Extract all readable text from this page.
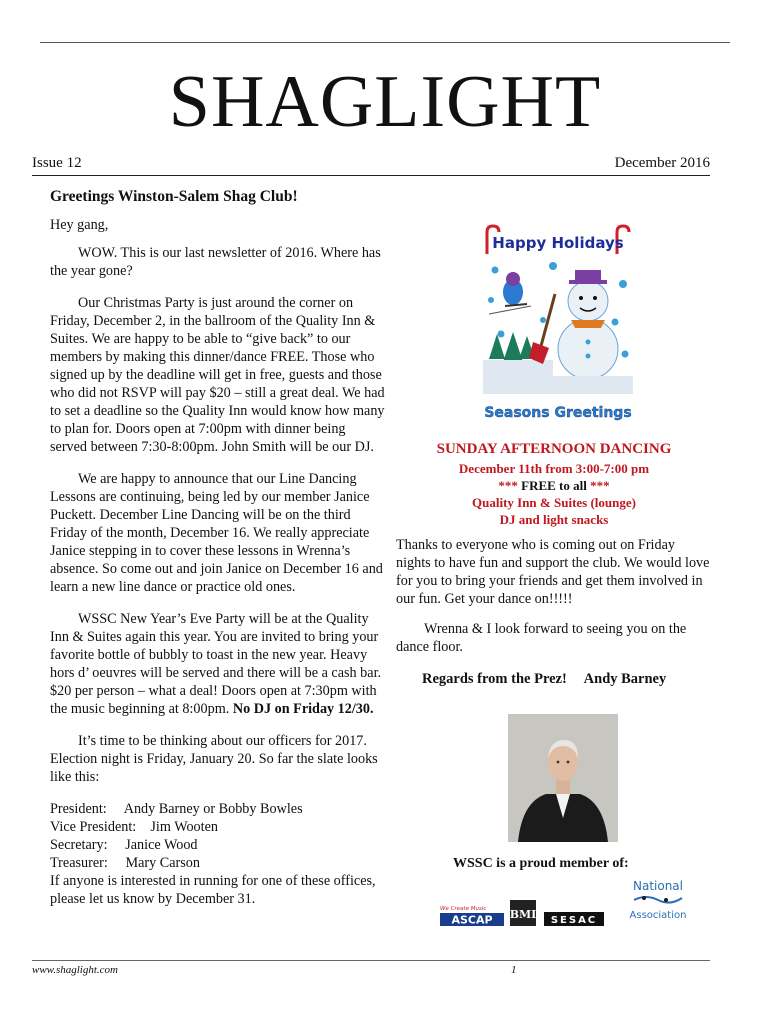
SHAGLIGHT
Issue 12	December 2016

Greetings Winston-Salem Shag Club!

Hey gang,

WOW. This is our last newsletter of 2016. Where has the year gone?

Our Christmas Party is just around the corner on Friday, December 2, in the ballroom of the Quality Inn & Suites. We are happy to be able to “give back” to our members by making this dinner/dance FREE. Those who signed up by the deadline will get in free, guests and those who did not RSVP will pay $20 – still a great deal. We had to set a deadline so the Quality Inn would know how many to plan for. Doors open at 7:00pm with dinner being served between 7:30-8:00pm. John Smith will be our DJ.

We are happy to announce that our Line Dancing Lessons are continuing, being led by our member Janice Puckett. December Line Dancing will be on the third Friday of the month, December 16. We really appreciate Janice stepping in to cover these lessons in Wrenna’s absence. So come out and join Janice on December 16 and learn a new line dance or practice old ones.

WSSC New Year’s Eve Party will be at the Quality Inn & Suites again this year. You are invited to bring your favorite bottle of bubbly to toast in the new year. Heavy hors d’ oeuvres will be served and there will be a cash bar. $20 per person – what a deal! Doors open at 7:30pm with the music beginning at 8:00pm. No DJ on Friday 12/30.

It’s time to be thinking about our officers for 2017. Election night is Friday, January 20. So far the slate looks like this:

President:     Andy Barney or Bobby Bowles
Vice President:    Jim Wooten
Secretary:     Janice Wood
Treasurer:     Mary Carson
If anyone is interested in running for one of these offices, please let us know by December 31.
Happy Holidays
Seasons Greetings
SUNDAY AFTERNOON DANCING
December 11th from 3:00-7:00 pm
*** FREE to all ***
Quality Inn & Suites (lounge)
DJ and light snacks

Thanks to everyone who is coming out on Friday nights to have fun and support the club. We would love for you to bring your friends and get them involved in our fun. Get your dance on!!!!!

Wrenna & I look forward to seeing you on the dance floor.

Regards from the Prez! Andy Barney
WSSC is a proud member of:
We Create Music
ASCAP BMI SESAC
National
Association
www.shaglight.com	1
